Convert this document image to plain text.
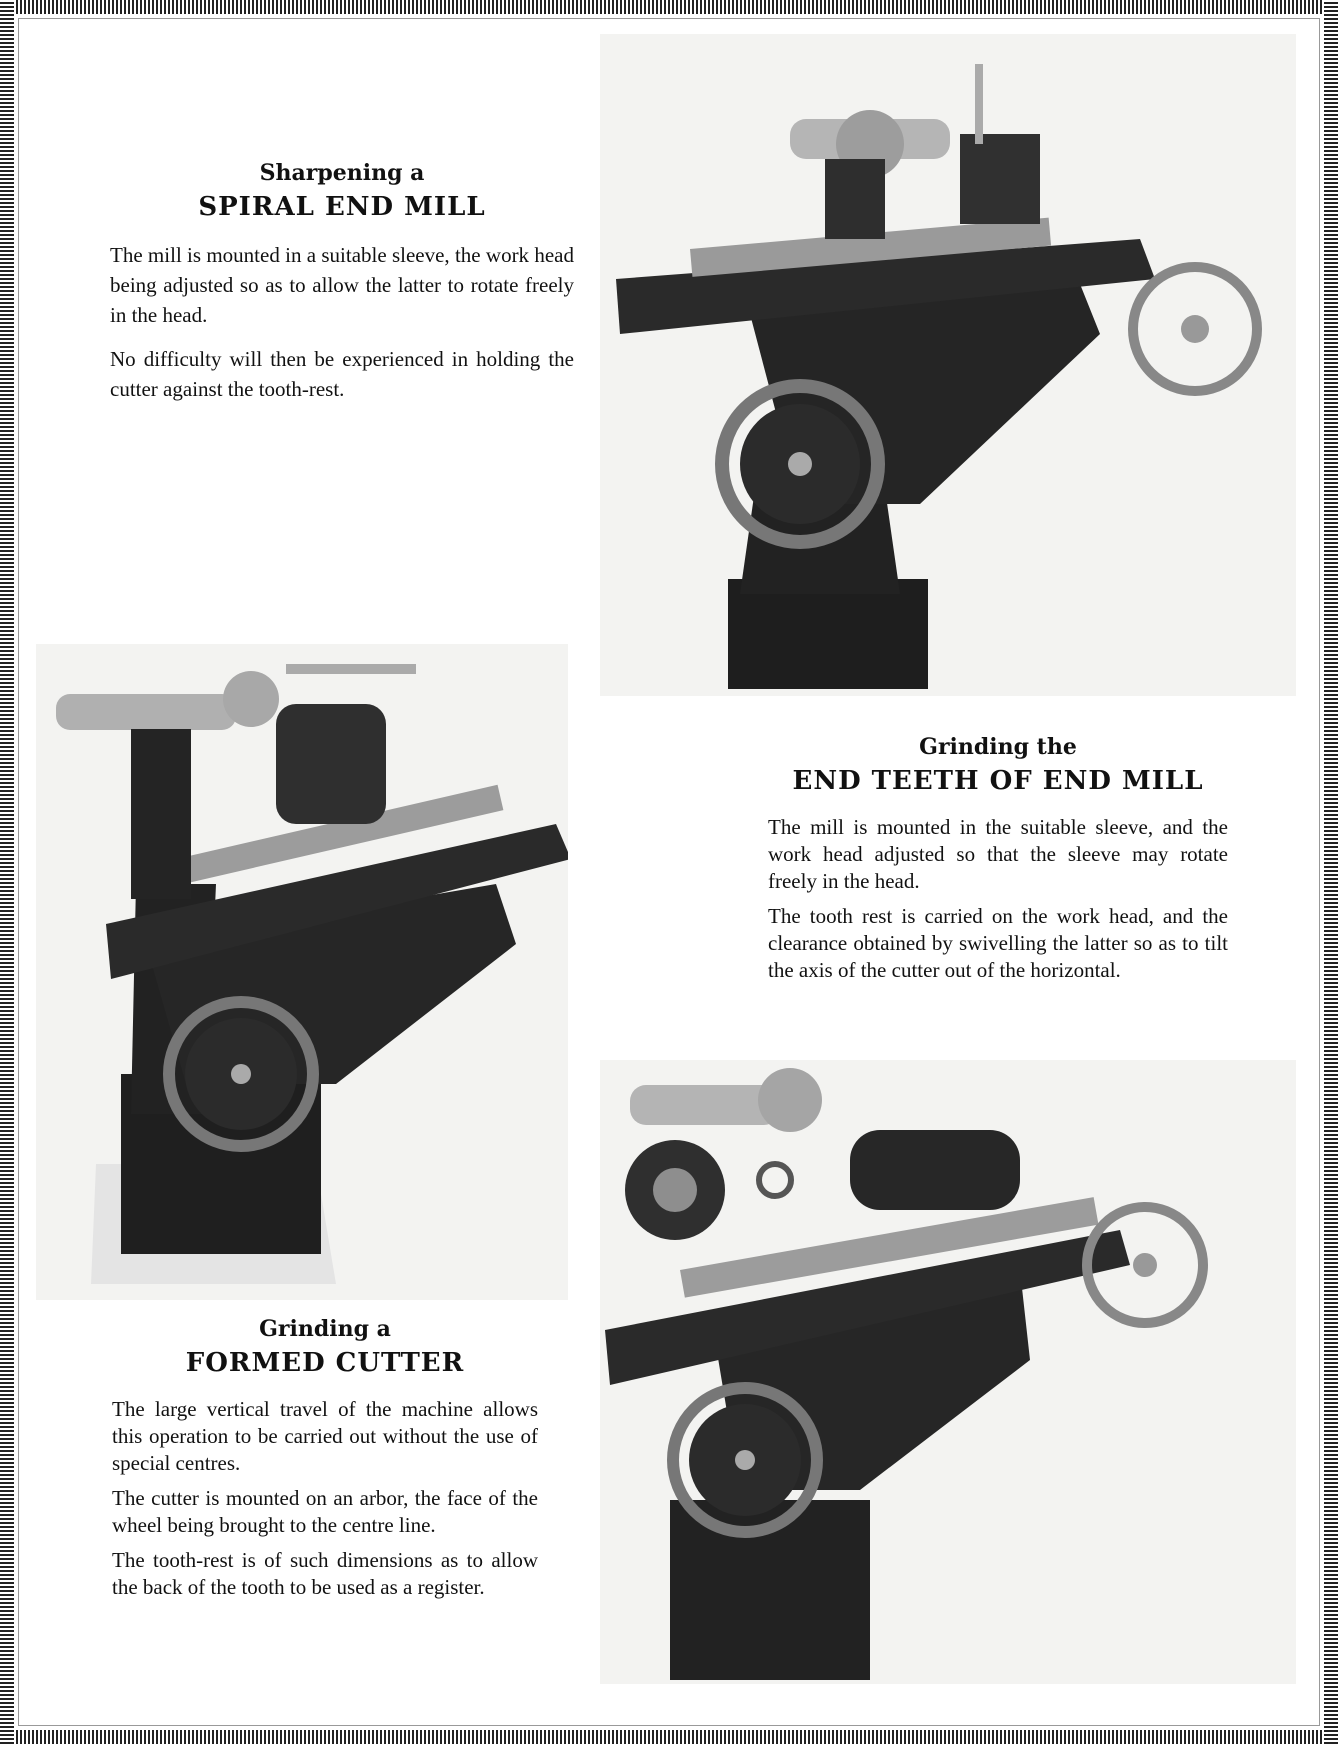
Sharpening a

SPIRAL END MILL

The mill is mounted in a suitable sleeve, the work head being adjusted so as to allow the latter to rotate freely in the head.

No difficulty will then be experienced in holding the cutter against the tooth-rest.

Grinding the

END TEETH OF END MILL

The mill is mounted in the suitable sleeve, and the work head adjusted so that the sleeve may rotate freely in the head.

The tooth rest is carried on the work head, and the clearance obtained by swivelling the latter so as to tilt the axis of the cutter out of the horizontal.

Grinding a

FORMED CUTTER

The large vertical travel of the machine allows this operation to be carried out without the use of special centres.

The cutter is mounted on an arbor, the face of the wheel being brought to the centre line.

The tooth-rest is of such dimensions as to allow the back of the tooth to be used as a register.
